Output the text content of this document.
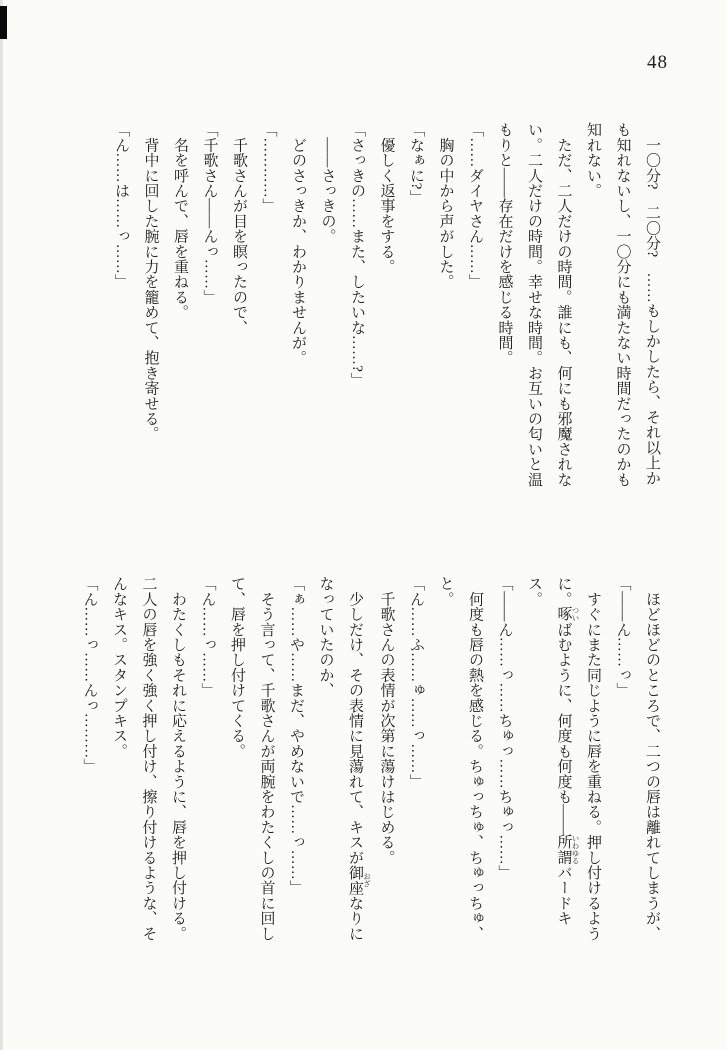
48

　一〇分?　二〇分?　……もしかしたら、それ以上かも知れないし、一〇分にも満たない時間だったのかも知れない。

　ただ、二人だけの時間。誰にも、何にも邪魔されない。二人だけの時間。幸せな時間。お互いの匂いと温もりと――存在だけを感じる時間。

「……ダイヤさん……」

　胸の中から声がした。

「なぁに?」

　優しく返事をする。

「さっきの……また、したいな……?」

　――さっきの。

　どのさっきか、わかりませんが。

「…………」

　千歌さんが目を瞑ったので、

「千歌さん――んっ……」

　名を呼んで、唇を重ねる。

　背中に回した腕に力を籠めて、抱き寄せる。

「ん……は……っ……」

　ほどほどのところで、二つの唇は離れてしまうが、

「――ん……っ」

　すぐにまた同じように唇を重ねる。押し付けるように。啄 ついばむように、何度も何度も――所謂 いわゆるバードキス。

「――ん……っ……ちゅっ……ちゅっ……」

　何度も唇の熱を感じる。ちゅっちゅ、ちゅっちゅ、と。

「ん……ふ……ゅ……っ……」

　千歌さんの表情が次第に蕩けはじめる。

　少しだけ、その表情に見蕩れて、キスが御座 おざなりになっていたのか、

「ぁ……や……まだ、やめないで……っ……」

　そう言って、千歌さんが両腕をわたくしの首に回して、唇を押し付けてくる。

「ん……っ……」

　わたくしもそれに応えるように、唇を押し付ける。二人の唇を強く強く押し付け、擦り付けるような、そんなキス。スタンプキス。

「ん……っ……んっ………」
